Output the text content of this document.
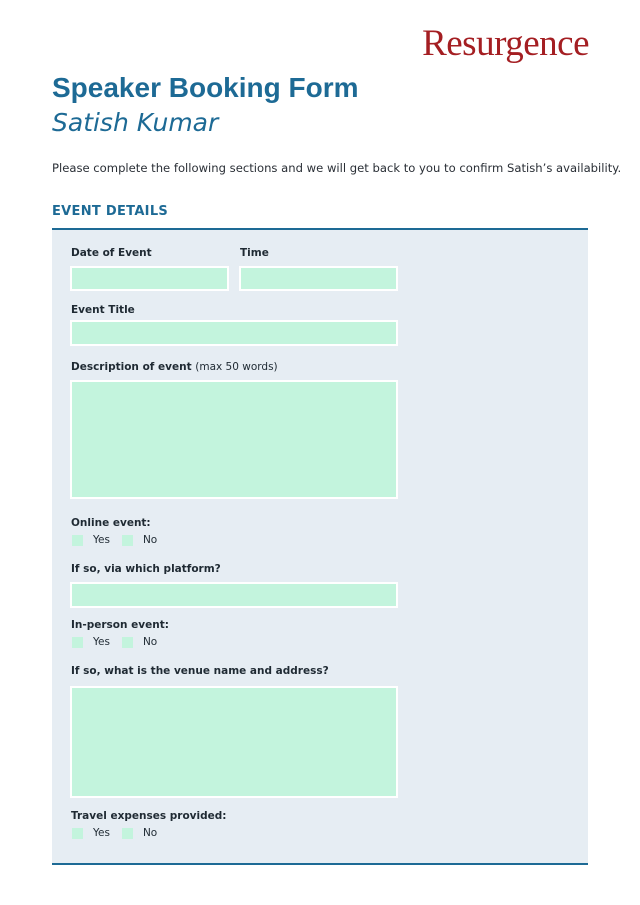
Resurgence
Speaker Booking Form
Satish Kumar
Please complete the following sections and we will get back to you to confirm Satish’s availability.
EVENT DETAILS
Date of Event	Time
Event Title
Description of event (max 50 words)
Online event:
Yes	No
If so, via which platform?
In-person event:
Yes	No
If so, what is the venue name and address?
Travel expenses provided:
Yes	No
